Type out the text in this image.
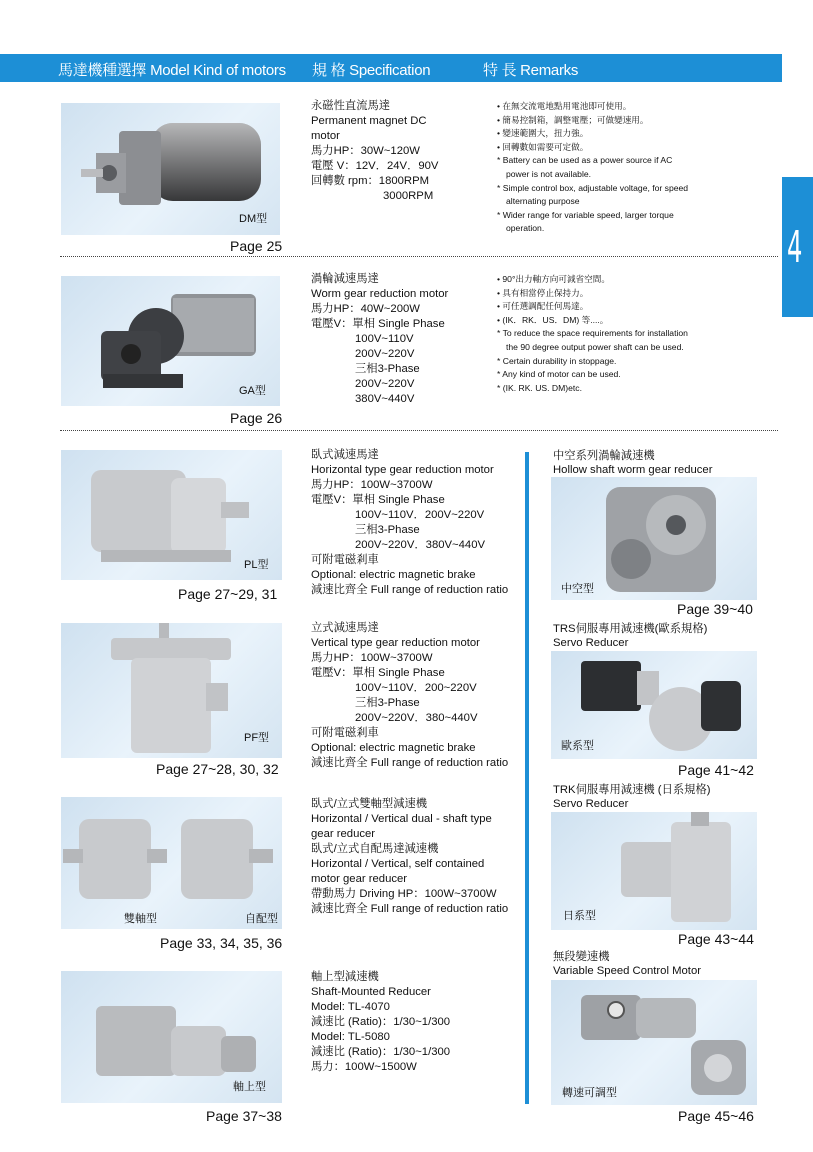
馬達機種選擇 Model Kind of motors 規 格 Specification	特 長 Remarks
4
DM型
Page 25
永磁性直流馬達
Permanent magnet DC
motor
馬力HP：30W~120W
電壓 V：12V．24V．90V
回轉數 rpm：1800RPM
3000RPM
• 在無交流電地點用電池即可使用。
• 簡易控制箱，調整電壓；可做變速用。
• 變速範圍大，扭力強。
• 回轉數如需要可定做。
* Battery can be used as a power source if AC
power is not available.
* Simple control box, adjustable voltage, for speed
alternating purpose
* Wider range for variable speed, larger torque
operation.
GA型
Page 26
渦輪減速馬達
Worm gear reduction motor
馬力HP：40W~200W
電壓V：單相 Single Phase
100V~110V
200V~220V
三相3-Phase
200V~220V
380V~440V
• 90°出力軸方向可減省空間。
• 具有相當停止保持力。
• 可任選調配任何馬達。
• (IK．RK．US．DM) 等....。
* To reduce the space requirements for installation
the 90 degree output power shaft can be used.
* Certain durability in stoppage.
* Any kind of motor can be used.
* (IK. RK. US. DM)etc.
PL型
Page 27~29, 31
臥式減速馬達
Horizontal type gear reduction motor
馬力HP：100W~3700W
電壓V：單相 Single Phase
100V~110V．200V~220V
三相3-Phase
200V~220V．380V~440V
可附電磁剎車
Optional: electric magnetic brake
減速比齊全 Full range of reduction ratio
PF型
Page 27~28, 30, 32
立式減速馬達
Vertical type gear reduction motor
馬力HP：100W~3700W
電壓V：單相 Single Phase
100V~110V．200~220V
三相3-Phase
200V~220V．380~440V
可附電磁剎車
Optional: electric magnetic brake
減速比齊全 Full range of reduction ratio
雙軸型	自配型
Page 33, 34, 35, 36
臥式/立式雙軸型減速機
Horizontal / Vertical dual - shaft type
gear reducer
臥式/立式自配馬達減速機
Horizontal / Vertical, self contained
motor gear reducer
帶動馬力 Driving HP：100W~3700W
減速比齊全 Full range of reduction ratio
軸上型
Page 37~38
軸上型減速機
Shaft-Mounted Reducer
Model: TL-4070
減速比 (Ratio)：1/30~1/300
Model: TL-5080
減速比 (Ratio)：1/30~1/300
馬力：100W~1500W
中空系列渦輪減速機
Hollow shaft worm gear reducer
中空型
Page 39~40
TRS伺服專用減速機(歐系規格)
Servo Reducer
歐系型
Page 41~42
TRK伺服專用減速機 (日系規格)
Servo Reducer
日系型
Page 43~44
無段變速機
Variable Speed Control Motor
轉速可調型
Page 45~46
